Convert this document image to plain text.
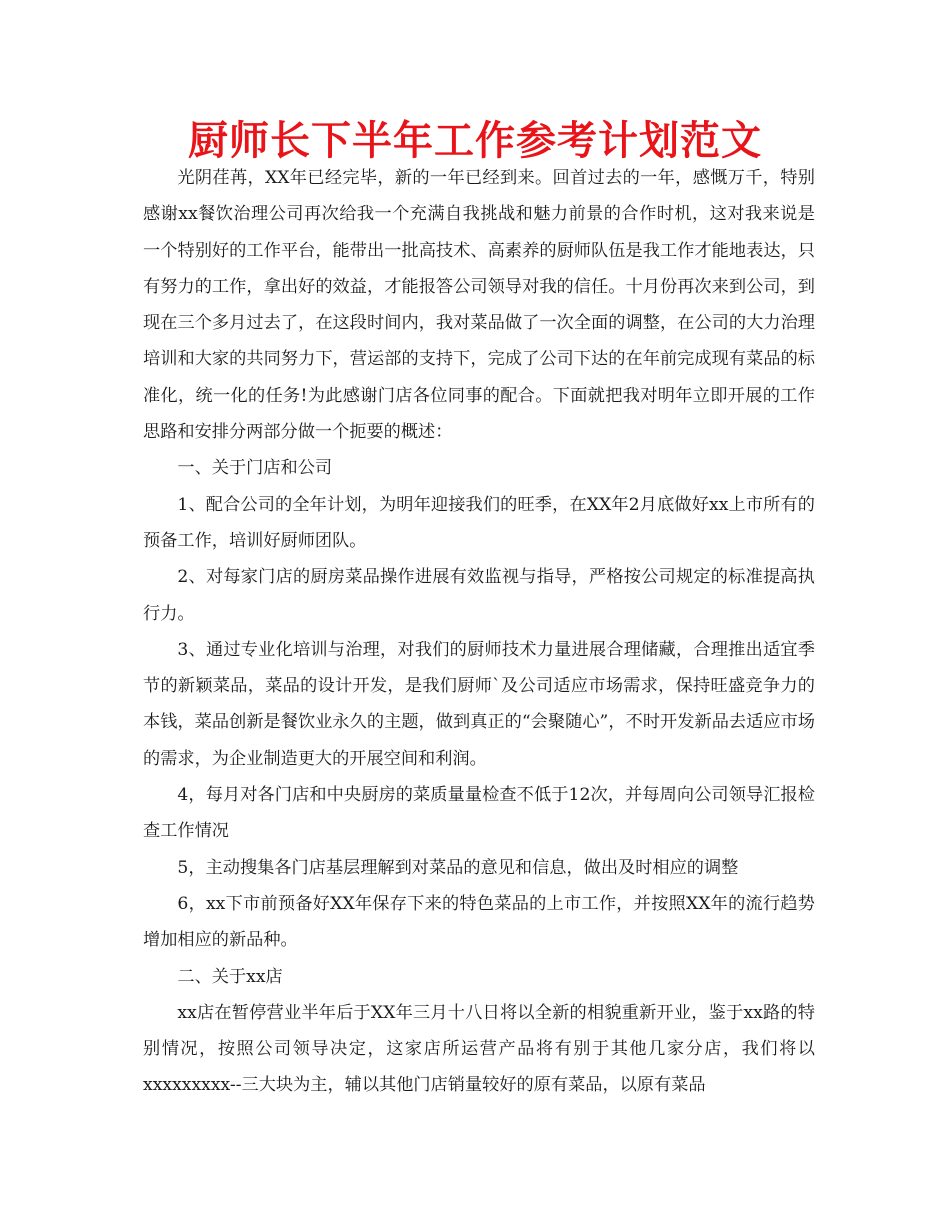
厨师长下半年工作参考计划范文

光阴荏苒，XX年已经完毕，新的一年已经到来。回首过去的一年，感慨万千，特别感谢xx餐饮治理公司再次给我一个充满自我挑战和魅力前景的合作时机，这对我来说是一个特别好的工作平台，能带出一批高技术、高素养的厨师队伍是我工作才能地表达，只有努力的工作，拿出好的效益，才能报答公司领导对我的信任。十月份再次来到公司，到现在三个多月过去了，在这段时间内，我对菜品做了一次全面的调整，在公司的大力治理培训和大家的共同努力下，营运部的支持下，完成了公司下达的在年前完成现有菜品的标准化，统一化的任务!为此感谢门店各位同事的配合。下面就把我对明年立即开展的工作思路和安排分两部分做一个扼要的概述：

一、关于门店和公司

1、配合公司的全年计划，为明年迎接我们的旺季，在XX年2月底做好xx上市所有的预备工作，培训好厨师团队。

2、对每家门店的厨房菜品操作进展有效监视与指导，严格按公司规定的标准提高执行力。

3、通过专业化培训与治理，对我们的厨师技术力量进展合理储藏，合理推出适宜季节的新颖菜品，菜品的设计开发，是我们厨师`及公司适应市场需求，保持旺盛竞争力的本钱，菜品创新是餐饮业永久的主题，做到真正的“会聚随心”，不时开发新品去适应市场的需求，为企业制造更大的开展空间和利润。

4，每月对各门店和中央厨房的菜质量量检查不低于12次，并每周向公司领导汇报检查工作情况

5，主动搜集各门店基层理解到对菜品的意见和信息，做出及时相应的调整

6，xx下市前预备好XX年保存下来的特色菜品的上市工作，并按照XX年的流行趋势增加相应的新品种。

二、关于xx店

xx店在暂停营业半年后于XX年三月十八日将以全新的相貌重新开业，鉴于xx路的特别情况，按照公司领导决定，这家店所运营产品将有别于其他几家分店，我们将以xxxxxxxxx--三大块为主，辅以其他门店销量较好的原有菜品，以原有菜品
